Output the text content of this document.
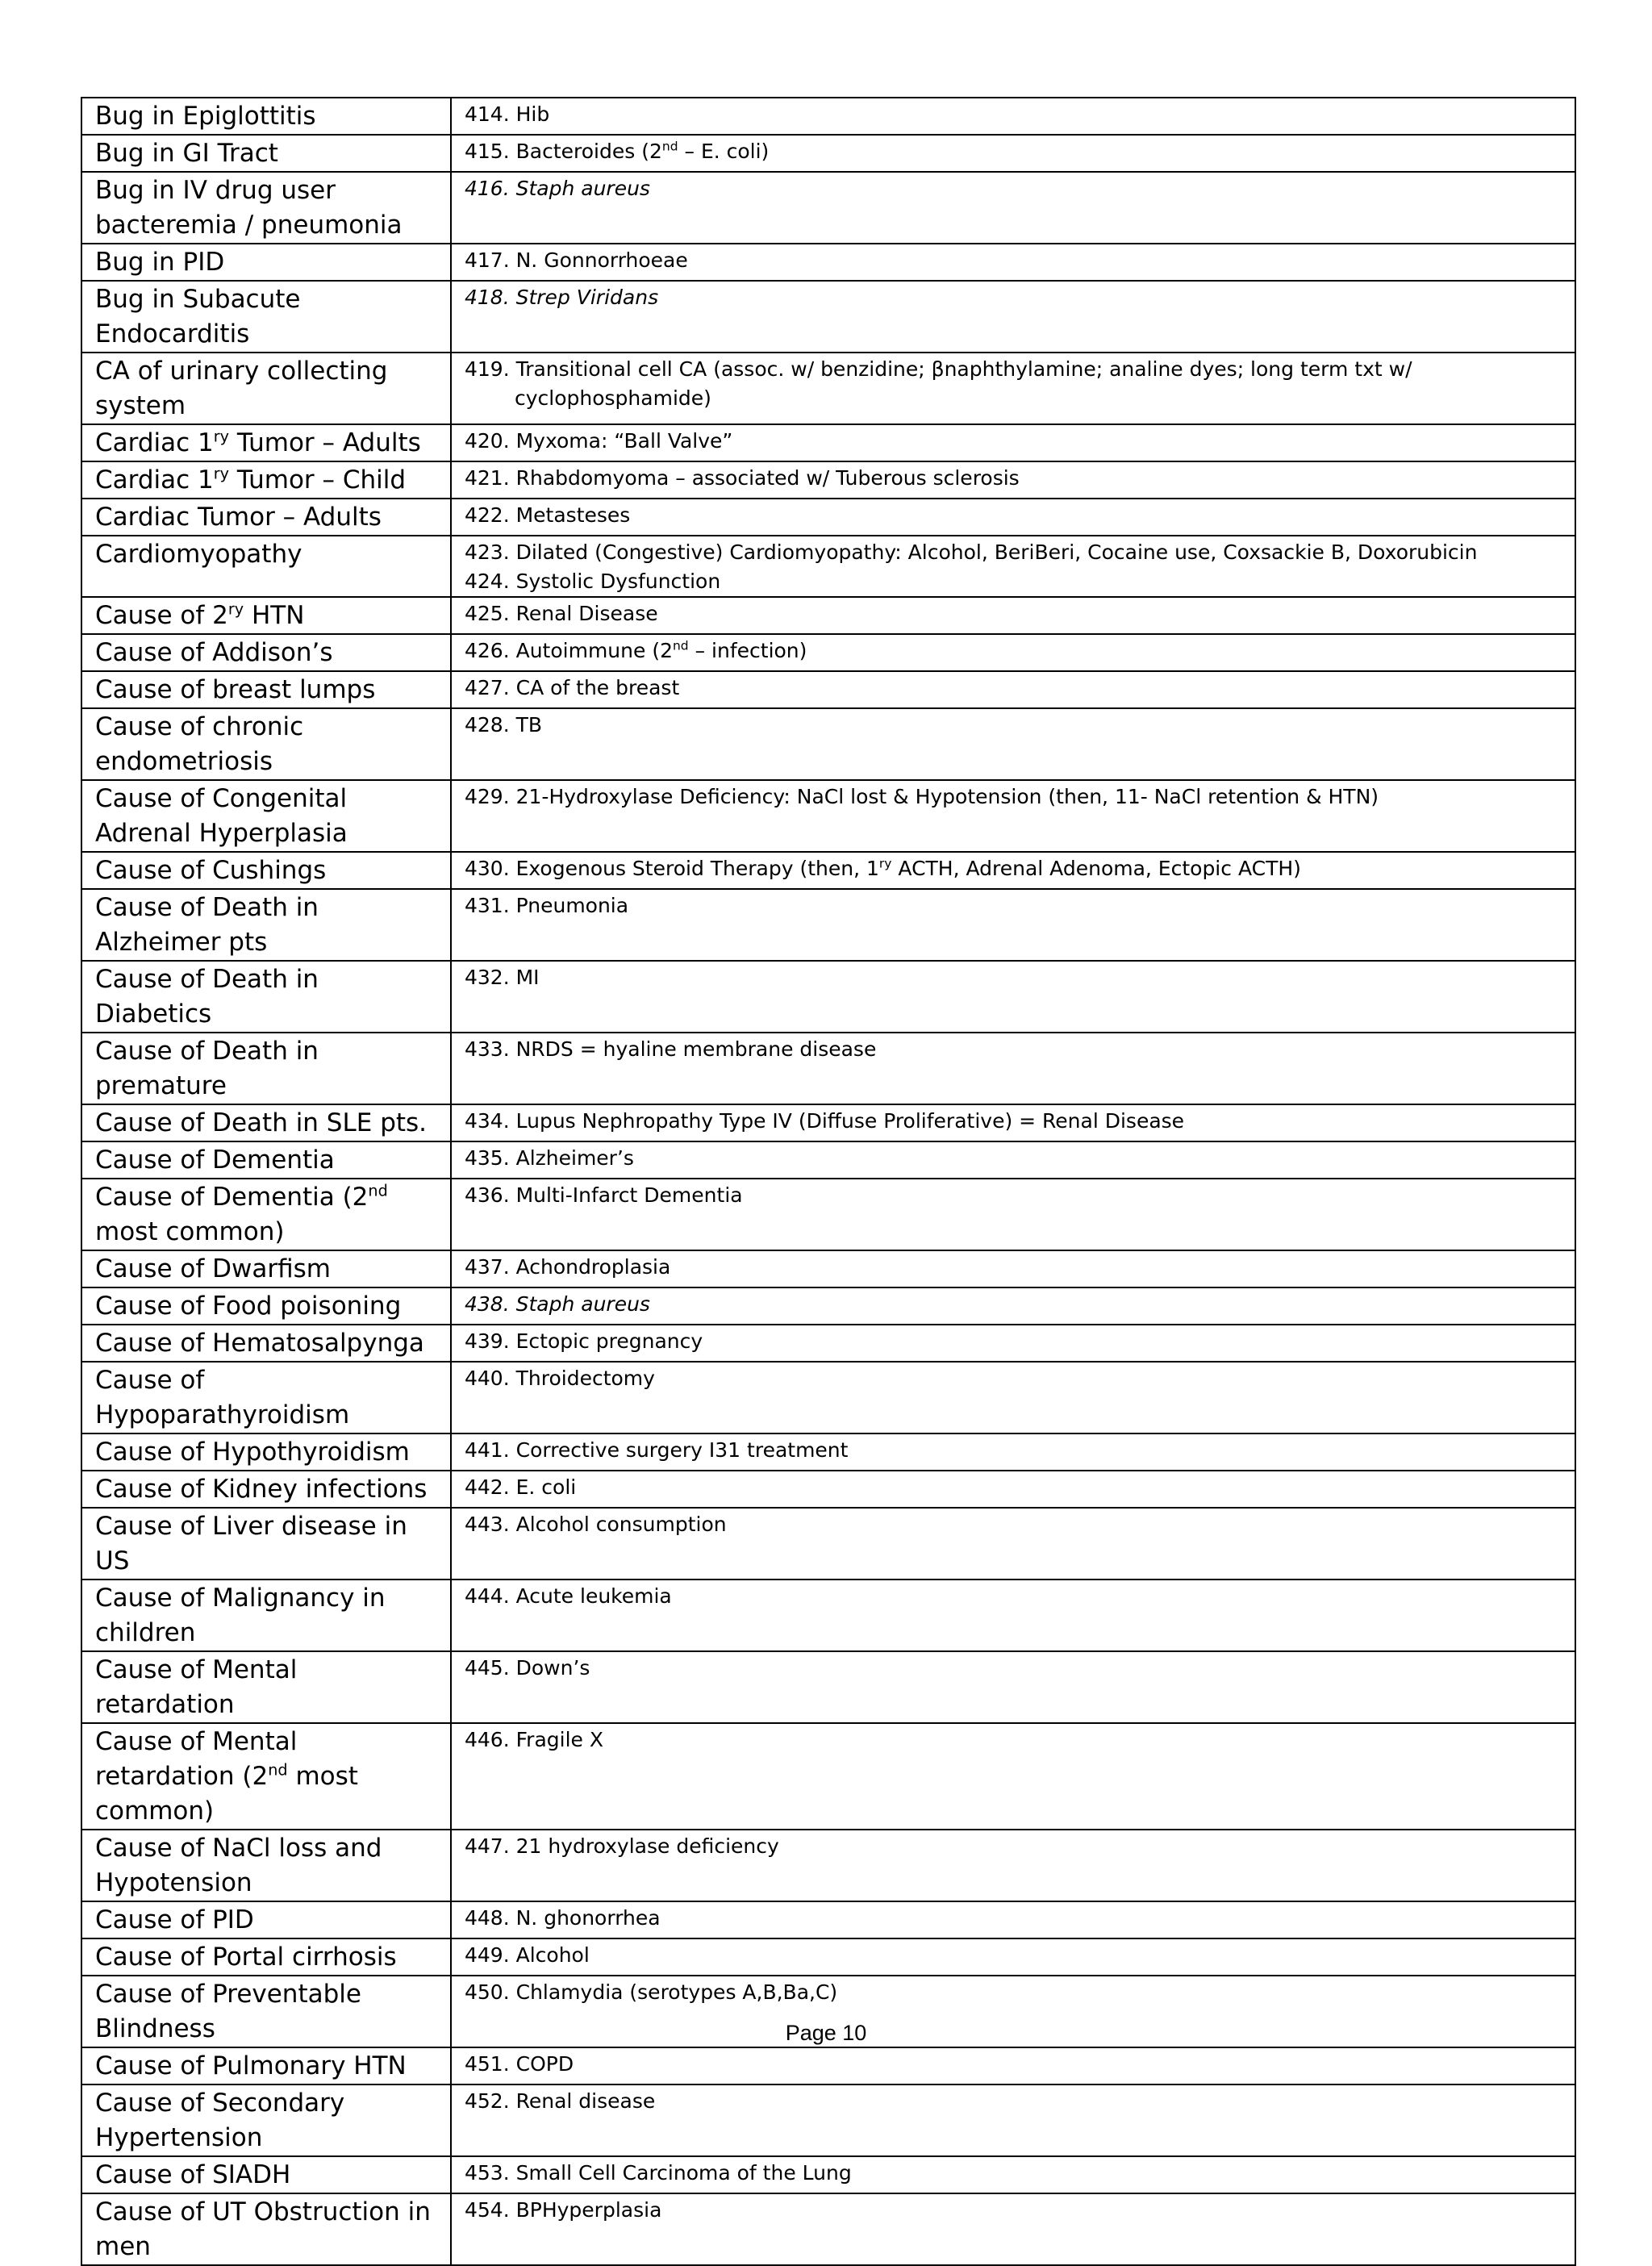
Bug in Epiglottitis	414. Hib

Bug in GI Tract	415. Bacteroides (2nd – E. coli)

Bug in IV drug user bacteremia / pneumonia	416. Staph aureus

Bug in PID	417. N. Gonnorrhoeae

Bug in Subacute Endocarditis	418. Strep Viridans

CA of urinary collecting system	419. Transitional cell CA (assoc. w/ benzidine; βnaphthylamine; analine dyes; long term txt w/
cyclophosphamide)

Cardiac $1^{ry}$ Tumor – Adults	420. Myxoma: “Ball Valve”

Cardiac $1^{ry}$ Tumor – Child	421. Rhabdomyoma – associated w/ Tuberous sclerosis

Cardiac Tumor – Adults	422. Metasteses

Cardiomyopathy	423. Dilated (Congestive) Cardiomyopathy: Alcohol, BeriBeri, Cocaine use, Coxsackie B, Doxorubicin
424. Systolic Dysfunction

Cause of $2^{ry}$ HTN	425. Renal Disease

Cause of Addison’s	426. Autoimmune (2nd – infection)

Cause of breast lumps	427. CA of the breast

Cause of chronic endometriosis	428. TB

Cause of Congenital Adrenal Hyperplasia	429. 21-Hydroxylase Deficiency: NaCl lost & Hypotension (then, 11- NaCl retention & HTN)

Cause of Cushings	430. Exogenous Steroid Therapy (then, $1^{ry}$ ACTH, Adrenal Adenoma, Ectopic ACTH)

Cause of Death in Alzheimer pts	431. Pneumonia

Cause of Death in Diabetics	432. MI

Cause of Death in premature	433. NRDS = hyaline membrane disease

Cause of Death in SLE pts.	434. Lupus Nephropathy Type IV (Diffuse Proliferative) = Renal Disease

Cause of Dementia	435. Alzheimer’s

Cause of Dementia (2nd most common)	436. Multi-Infarct Dementia

Cause of Dwarfism	437. Achondroplasia

Cause of Food poisoning	438. Staph aureus

Cause of Hematosalpynga	439. Ectopic pregnancy

Cause of Hypoparathyroidism	440. Throidectomy

Cause of Hypothyroidism	441. Corrective surgery I31 treatment

Cause of Kidney infections	442. E. coli

Cause of Liver disease in US	443. Alcohol consumption

Cause of Malignancy in children	444. Acute leukemia

Cause of Mental retardation	445. Down’s

Cause of Mental retardation (2nd most common)	446. Fragile X

Cause of NaCl loss and Hypotension	447. 21 hydroxylase deficiency

Cause of PID	448. N. ghonorrhea

Cause of Portal cirrhosis	449. Alcohol

Cause of Preventable Blindness	450. Chlamydia (serotypes A,B,Ba,C)

Cause of Pulmonary HTN	451. COPD

Cause of Secondary Hypertension	452. Renal disease

Cause of SIADH	453. Small Cell Carcinoma of the Lung

Cause of UT Obstruction in men	454. BPHyperplasia
Page 10
